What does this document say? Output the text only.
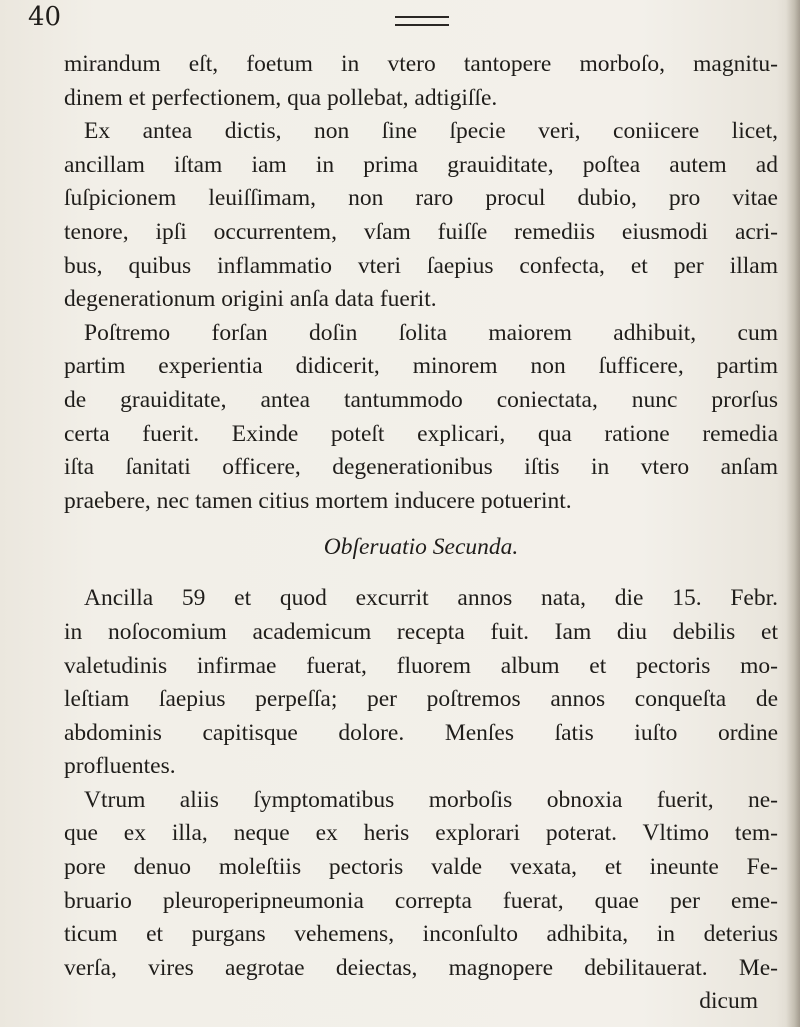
40
mirandum eſt, foetum in vtero tantopere morboſo, magnitu-
dinem et perfectionem, qua pollebat, adtigiſſe.
Ex antea dictis, non ſine ſpecie veri, coniicere licet,
ancillam iſtam iam in prima grauiditate, poſtea autem ad
ſuſpicionem leuiſſimam, non raro procul dubio, pro vitae
tenore, ipſi occurrentem, vſam fuiſſe remediis eiusmodi acri-
bus, quibus inflammatio vteri ſaepius confecta, et per illam
degenerationum origini anſa data fuerit.
Poſtremo forſan doſin ſolita maiorem adhibuit, cum
partim experientia didicerit, minorem non ſufficere, partim
de grauiditate, antea tantummodo coniectata, nunc prorſus
certa fuerit. Exinde poteſt explicari, qua ratione remedia
iſta ſanitati officere, degenerationibus iſtis in vtero anſam
praebere, nec tamen citius mortem inducere potuerint.
Obſeruatio Secunda.
Ancilla 59 et quod excurrit annos nata, die 15. Febr.
in noſocomium academicum recepta fuit. Iam diu debilis et
valetudinis infirmae fuerat, fluorem album et pectoris mo-
leſtiam ſaepius perpeſſa; per poſtremos annos conqueſta de
abdominis capitisque dolore. Menſes ſatis iuſto ordine
profluentes.
Vtrum aliis ſymptomatibus morboſis obnoxia fuerit, ne-
que ex illa, neque ex heris explorari poterat. Vltimo tem-
pore denuo moleſtiis pectoris valde vexata, et ineunte Fe-
bruario pleuroperipneumonia correpta fuerat, quae per eme-
ticum et purgans vehemens, inconſulto adhibita, in deterius
verſa, vires aegrotae deiectas, magnopere debilitauerat. Me-
dicum
